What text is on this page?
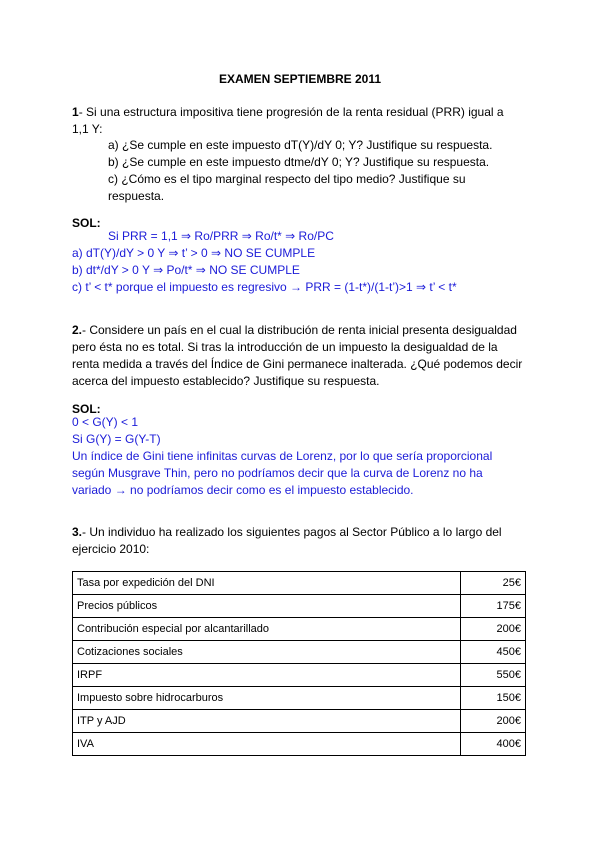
EXAMEN SEPTIEMBRE 2011
1- Si una estructura impositiva tiene progresión de la renta residual (PRR) igual a
1,1 Y:
a) ¿Se cumple en este impuesto dT(Y)/dY 0; Y? Justifique su respuesta.
b) ¿Se cumple en este impuesto dtme/dY 0; Y? Justifique su respuesta.
c) ¿Cómo es el tipo marginal respecto del tipo medio? Justifique su
respuesta.
SOL:
Si PRR = 1,1 ⇒ Ro/PRR ⇒ Ro/t* ⇒ Ro/PC
a) dT(Y)/dY > 0 Y ⇒ t’ > 0 ⇒ NO SE CUMPLE
b) dt*/dY > 0 Y ⇒ Po/t* ⇒ NO SE CUMPLE
c) t’ < t* porque el impuesto es regresivo → PRR = (1-t*)/(1-t’)>1 ⇒ t’ < t*
2.- Considere un país en el cual la distribución de renta inicial presenta desigualdad
pero ésta no es total. Si tras la introducción de un impuesto la desigualdad de la
renta medida a través del Índice de Gini permanece inalterada. ¿Qué podemos decir
acerca del impuesto establecido? Justifique su respuesta.
SOL:
0 < G(Y) < 1
Si G(Y) = G(Y-T)
Un índice de Gini tiene infinitas curvas de Lorenz, por lo que sería proporcional
según Musgrave Thin, pero no podríamos decir que la curva de Lorenz no ha
variado → no podríamos decir como es el impuesto establecido.
3.- Un individuo ha realizado los siguientes pagos al Sector Público a lo largo del
ejercicio 2010:
Tasa por expedición del DNI	25€
Precios públicos	175€
Contribución especial por alcantarillado	200€
Cotizaciones sociales	450€
IRPF	550€
Impuesto sobre hidrocarburos	150€
ITP y AJD	200€
IVA	400€
